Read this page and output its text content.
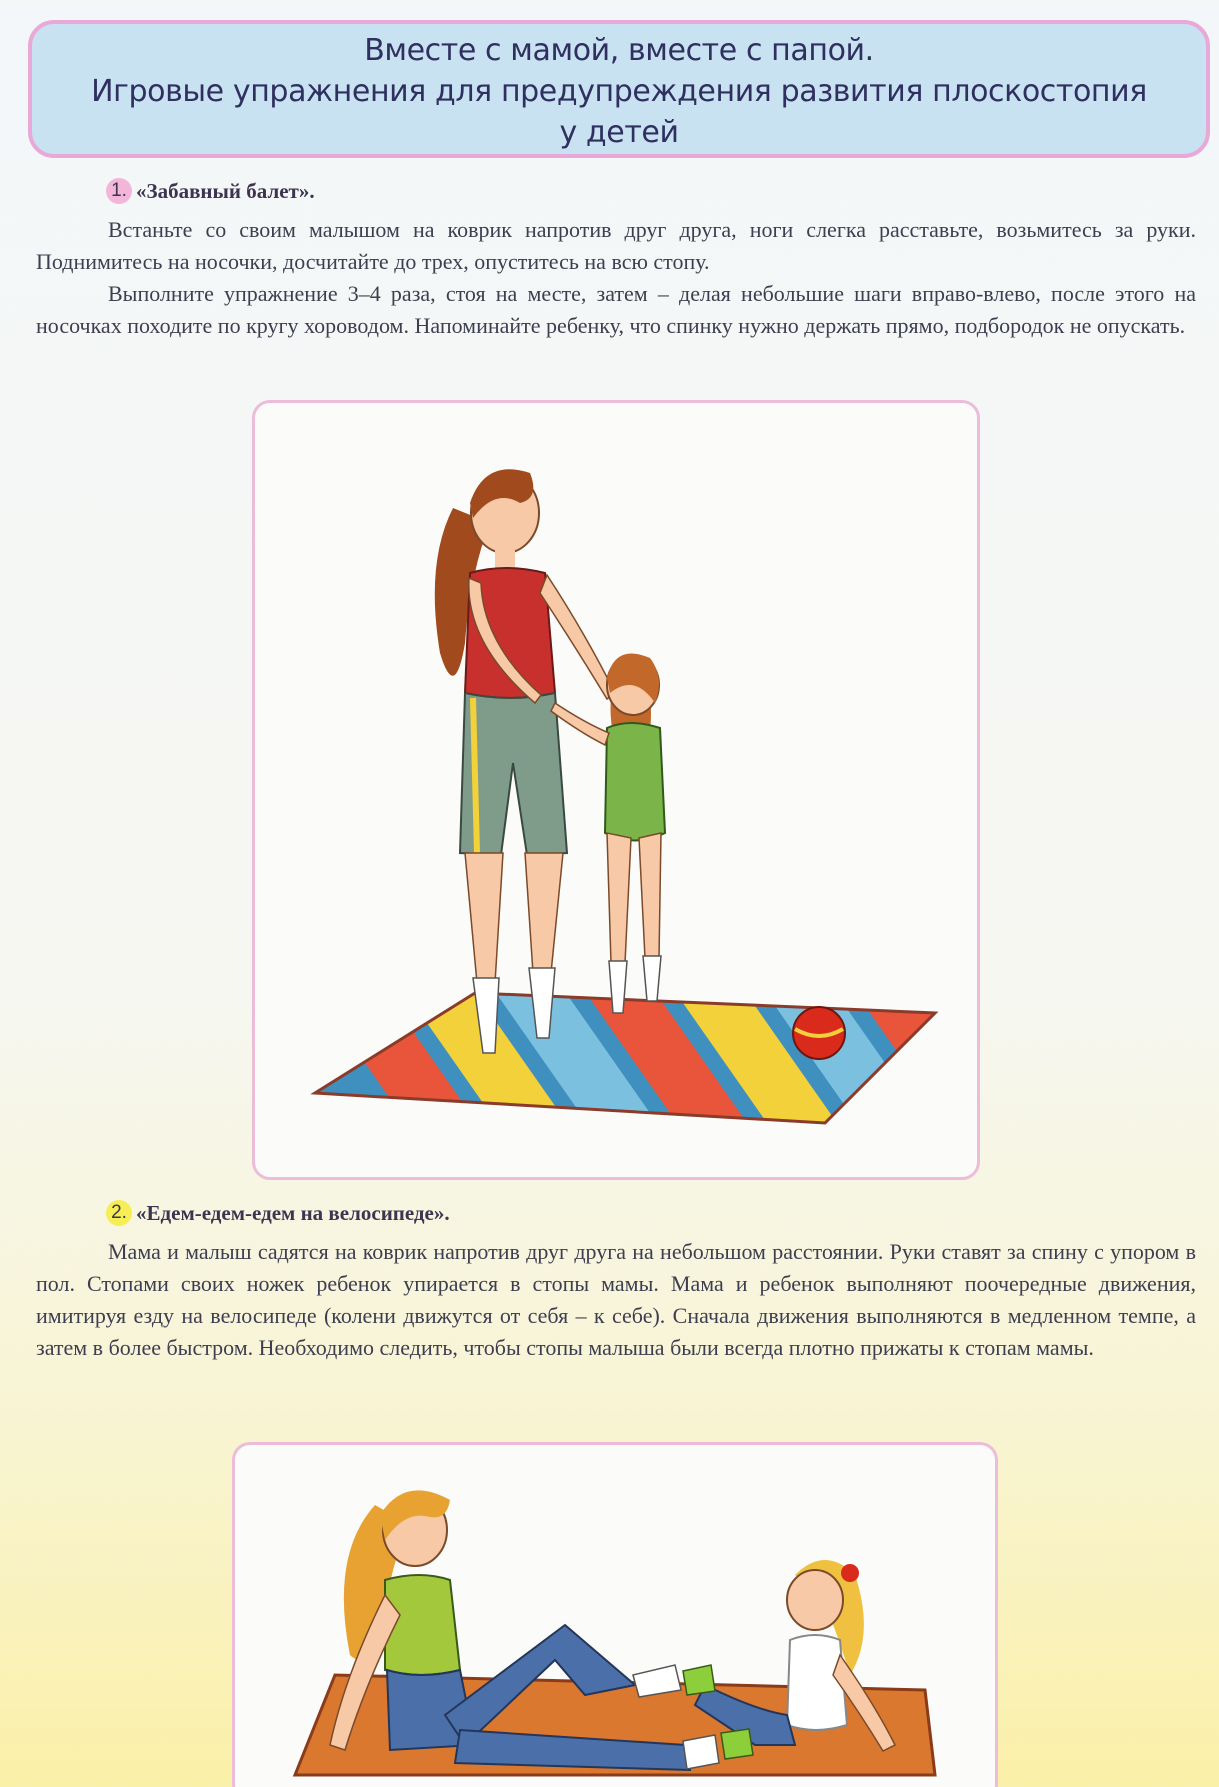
Вместе с мамой, вместе с папой.
Игровые упражнения для предупреждения развития плоскостопия
у детей
1. «Забавный балет».

Встаньте со своим малышом на коврик напротив друг друга, ноги слегка расставьте, возьмитесь за руки. Поднимитесь на носочки, досчитайте до трех, опуститесь на всю стопу.

Выполните упражнение 3–4 раза, стоя на месте, затем – делая небольшие шаги вправо-влево, после этого на носочках походите по кругу хороводом. Напоминайте ребенку, что спинку нужно держать прямо, подбородок не опускать.

2. «Едем-едем-едем на велосипеде».

Мама и малыш садятся на коврик напротив друг друга на небольшом расстоянии. Руки ставят за спину с упором в пол. Стопами своих ножек ребенок упирается в стопы мамы. Мама и ребенок выполняют поочередные движения, имитируя езду на велосипеде (колени движутся от себя – к себе). Сначала движения выполняются в медленном темпе, а затем в более быстром. Необходимо следить, чтобы стопы малыша были всегда плотно прижаты к стопам мамы.
